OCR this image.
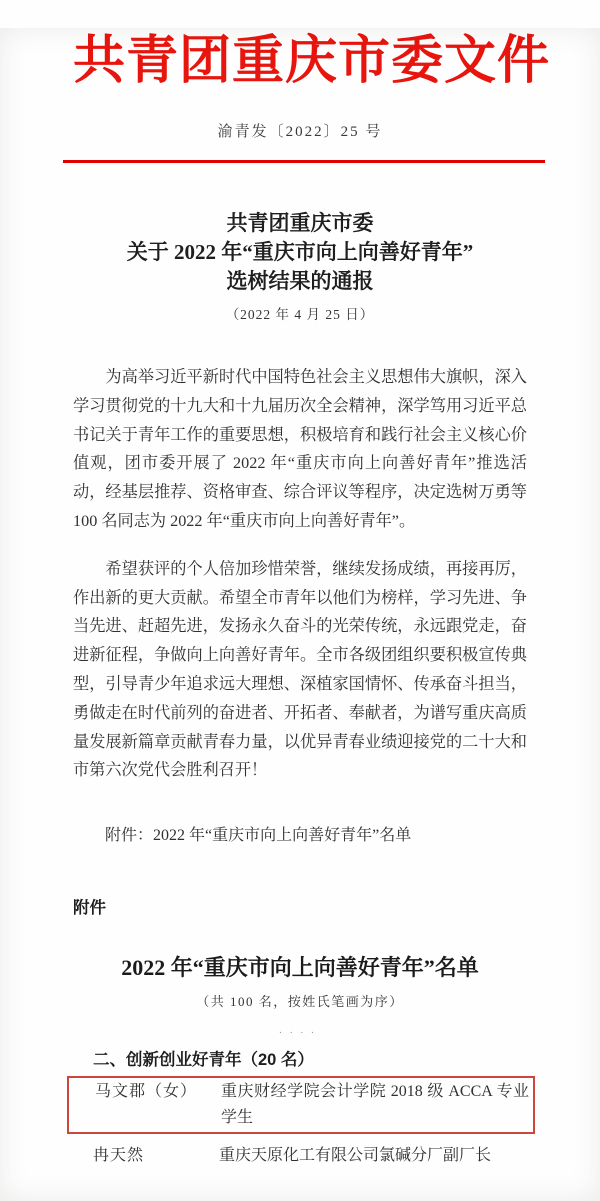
共青团重庆市委文件
渝青发〔2022〕25 号
共青团重庆市委
关于 2022 年“重庆市向上向善好青年”
选树结果的通报
（2022 年 4 月 25 日）

为高举习近平新时代中国特色社会主义思想伟大旗帜，深入学习贯彻党的十九大和十九届历次全会精神，深学笃用习近平总书记关于青年工作的重要思想，积极培育和践行社会主义核心价值观，团市委开展了 2022 年“重庆市向上向善好青年”推选活动，经基层推荐、资格审查、综合评议等程序，决定选树万勇等 100 名同志为 2022 年“重庆市向上向善好青年”。

希望获评的个人倍加珍惜荣誉，继续发扬成绩，再接再厉，作出新的更大贡献。希望全市青年以他们为榜样，学习先进、争当先进、赶超先进，发扬永久奋斗的光荣传统，永远跟党走，奋进新征程，争做向上向善好青年。全市各级团组织要积极宣传典型，引导青少年追求远大理想、深植家国情怀、传承奋斗担当，勇做走在时代前列的奋进者、开拓者、奉献者，为谱写重庆高质量发展新篇章贡献青春力量，以优异青春业绩迎接党的二十大和市第六次党代会胜利召开！

附件：2022 年“重庆市向上向善好青年”名单
附件
2022 年“重庆市向上向善好青年”名单
（共 100 名，按姓氏笔画为序）
····
二、创新创业好青年（20 名）
马文郡（女）	重庆财经学院会计学院 2018 级 ACCA 专业学生
冉天然	重庆天原化工有限公司氯碱分厂副厂长
